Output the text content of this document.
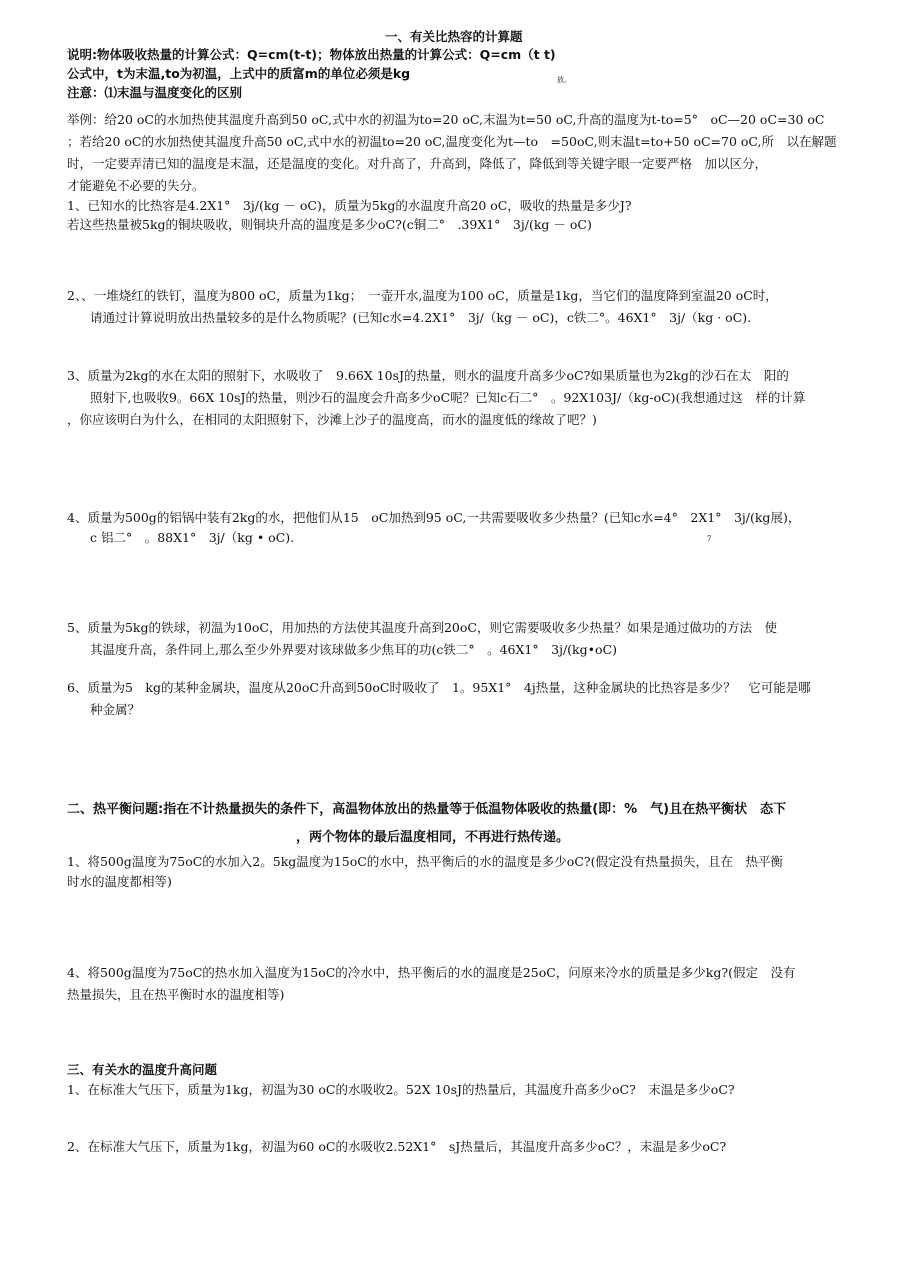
一、有关比热容的计算题
说明:物体吸收热量的计算公式：Q=cm(t-t)；物体放出热量的计算公式：Q=cm（t t)
公式中，t为末温,to为初温，上式中的质富m的单位必须是kg	放。
注意：⑴末温与温度变化的区别
举例：给20 oC的水加热使其温度升高到50 oC,式中水的初温为to=20 oC,末温为t=50 oC,升高的温度为t-to=5°　oC—20 oC=30 oC
；若给20 oC的水加热使其温度升高50 oC,式中水的初温to=20 oC,温度变化为t—to　=50oC,则末温t=to+50 oC=70 oC,所　以在解题
时，一定要弄清已知的温度是末温，还是温度的变化。对升高了，升高到，降低了，降低到等关键字眼一定要严格　加以区分，
才能避免不必要的失分。
1、已知水的比热容是4.2X1°　3j/(kg － oC)，质量为5kg的水温度升高20 oC，吸收的热量是多少J?
若这些热量被5kg的铜块吸收，则铜块升高的温度是多少oC?(c铜二°　.39X1°　3j/(kg － oC)
2、、一堆烧红的铁钉，温度为800 oC，质量为1kg；　一壶开水,温度为100 oC，质量是1kg，当它们的温度降到室温20 oC时，
请通过计算说明放出热量较多的是什么物质呢？(已知c水=4.2X1°　3j/（kg － oC)，c铁二°。46X1°　3j/（kg · oC).
3、质量为2kg的水在太阳的照射下，水吸收了　9.66X 10sJ的热量，则水的温度升高多少oC?如果质量也为2kg的沙石在太　阳的
照射下,也吸收9。66X 10sJ的热量，则沙石的温度会升高多少oC呢？已知c石二°　。92X103J/（kg-oC)(我想通过这　样的计算
，你应该明白为什么，在相同的太阳照射下，沙滩上沙子的温度高，而水的温度低的缘故了吧？)
4、质量为500g的铝锅中装有2kg的水，把他们从15　oC加热到95 oC,一共需要吸收多少热量？(已知c水=4°　2X1°　3j/(kg展)，
c 铝二°　。88X1°　3j/（kg • oC).	7
5、质量为5kg的铁球，初温为10oC，用加热的方法使其温度升高到20oC，则它需要吸收多少热量？如果是通过做功的方法　使
其温度升高，条件同上,那么至少外界要对该球做多少焦耳的功(c铁二°　。46X1°　3j/(kg•oC)
6、质量为5　kg的某种金属块，温度从20oC升高到50oC时吸收了　1。95X1°　4j热量，这种金属块的比热容是多少？　它可能是哪
种金属？
二、热平衡问题:指在不计热量损失的条件下，高温物体放出的热量等于低温物体吸收的热量(即：%　气)且在热平衡状　态下
，两个物体的最后温度相同，不再进行热传递。
1、将500g温度为75oC的水加入2。5kg温度为15oC的水中，热平衡后的水的温度是多少oC?(假定没有热量损失，且在　热平衡
时水的温度都相等)
4、将500g温度为75oC的热水加入温度为15oC的冷水中，热平衡后的水的温度是25oC，问原来冷水的质量是多少kg?(假定　没有
热量损失，且在热平衡时水的温度相等)
三、有关水的温度升高问题
1、在标准大气压下，质量为1kg，初温为30 oC的水吸收2。52X 10sJ的热量后，其温度升高多少oC?　末温是多少oC?
2、在标准大气压下，质量为1kg，初温为60 oC的水吸收2.52X1°　sJ热量后，其温度升高多少oC？，末温是多少oC?
